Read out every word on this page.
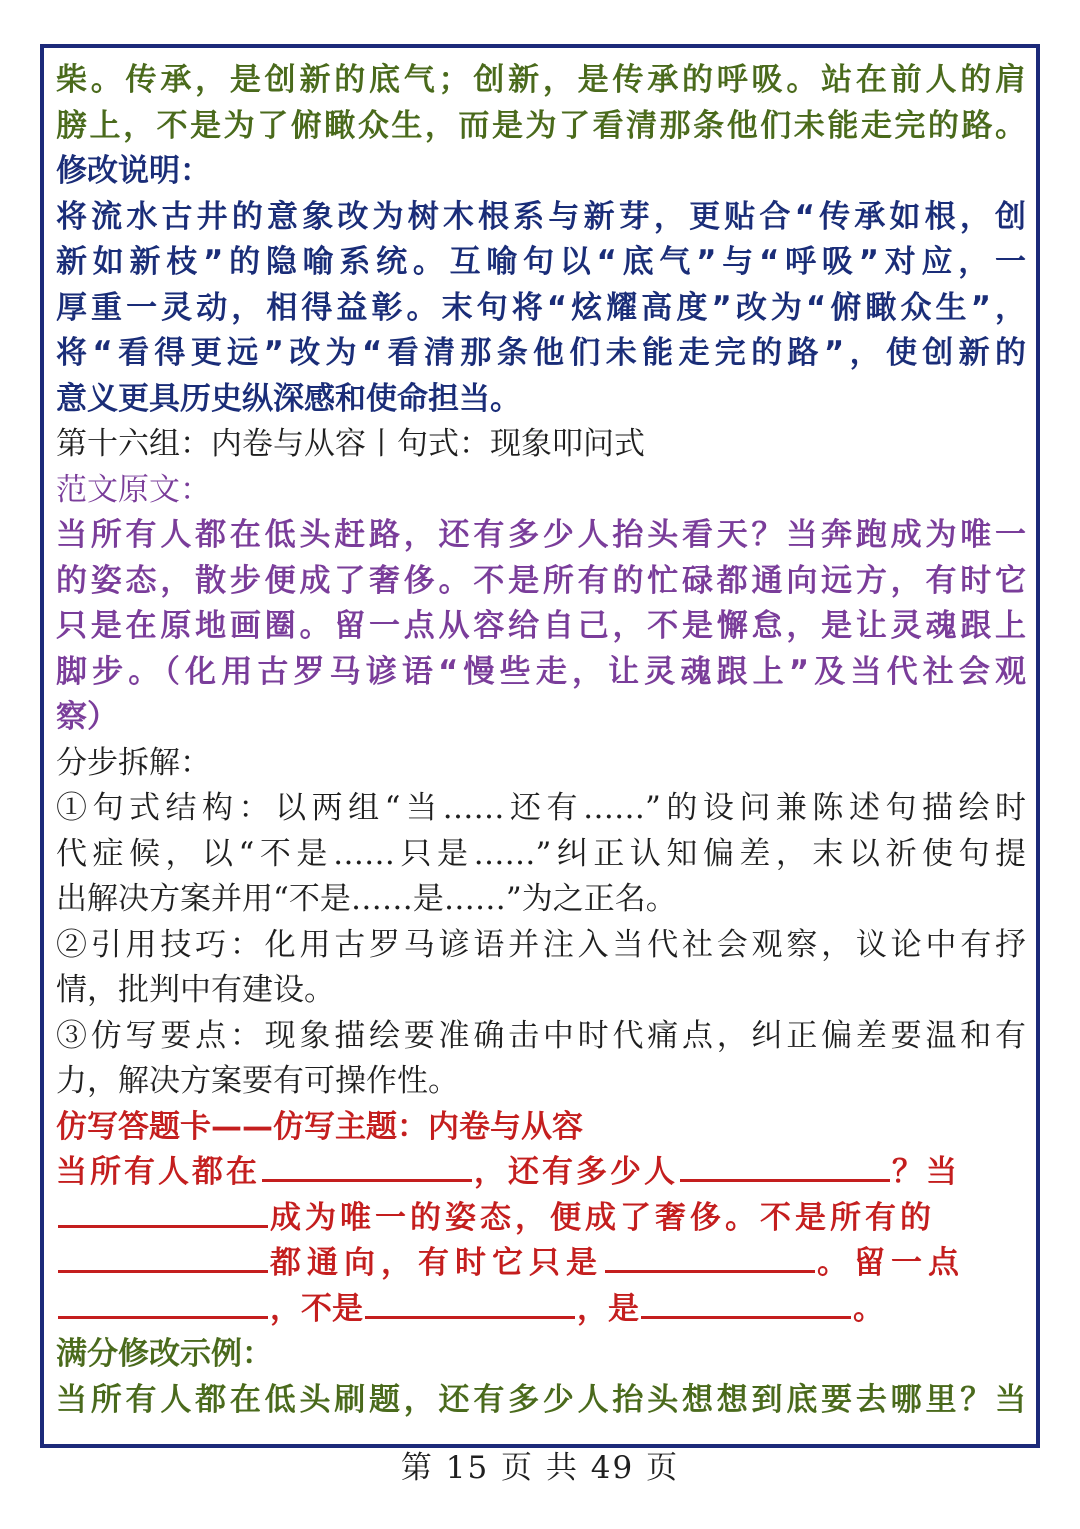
柴。传承，是创新的底气；创新，是传承的呼吸。站在前人的肩
膀上，不是为了俯瞰众生，而是为了看清那条他们未能走完的路。
修改说明：
将流水古井的意象改为树木根系与新芽，更贴合“传承如根，创
新如新枝”的隐喻系统。互喻句以“底气”与“呼吸”对应，一
厚重一灵动，相得益彰。末句将“炫耀高度”改为“俯瞰众生”，
将“看得更远”改为“看清那条他们未能走完的路”，使创新的
意义更具历史纵深感和使命担当。
第十六组：内卷与从容丨句式：现象叩问式
范文原文：
当所有人都在低头赶路，还有多少人抬头看天？当奔跑成为唯一
的姿态，散步便成了奢侈。不是所有的忙碌都通向远方，有时它
只是在原地画圈。留一点从容给自己，不是懈怠，是让灵魂跟上
脚步。（化用古罗马谚语“慢些走，让灵魂跟上”及当代社会观
察）
分步拆解：
①句式结构：以两组“当……还有……”的设问兼陈述句描绘时
代症候，以“不是……只是……”纠正认知偏差，末以祈使句提
出解决方案并用“不是……是……”为之正名。
②引用技巧：化用古罗马谚语并注入当代社会观察，议论中有抒
情，批判中有建设。
③仿写要点：现象描绘要准确击中时代痛点，纠正偏差要温和有
力，解决方案要有可操作性。
仿写答题卡——仿写主题：内卷与从容
当所有人都在	，还有多少人	？当
成为唯一的姿态，便成了奢侈。不是所有的
都通向，有时它只是	。留一点
，不是	，是	。
满分修改示例：
当所有人都在低头刷题，还有多少人抬头想想到底要去哪里？当
第 15 页 共 49 页
